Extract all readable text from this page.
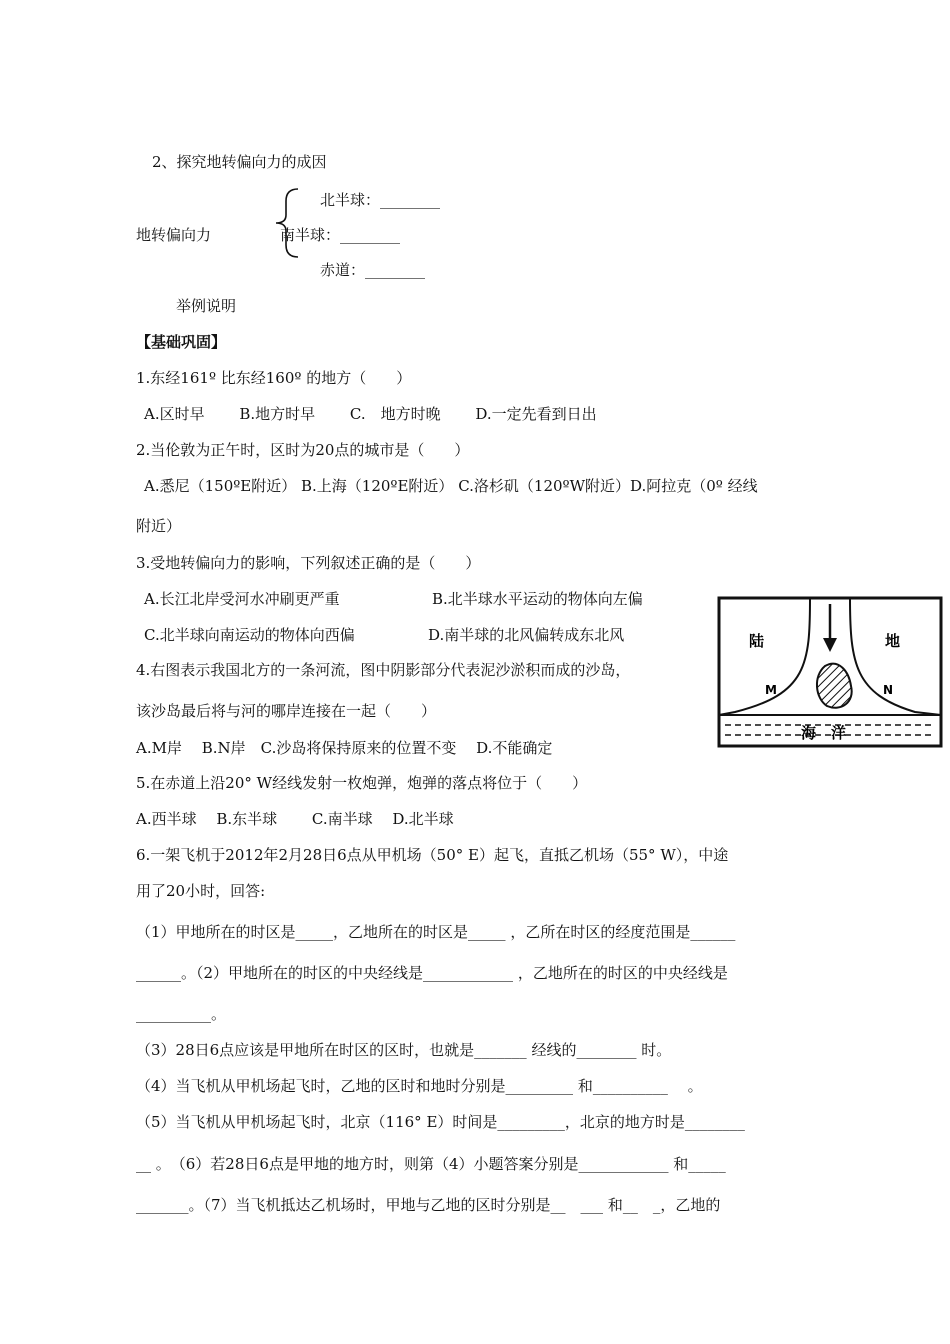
2、探究地转偏向力的成因
北半球：________
地转偏向力	南半球：________
赤道：________
举例说明
【基础巩固】
1.东经161º 比东经160º 的地方（　　）
A.区时早　　 B.地方时早　　 C.　地方时晚　　 D.一定先看到日出
2.当伦敦为正午时，区时为20点的城市是（　　）
A.悉尼（150ºE附近） B.上海（120ºE附近） C.洛杉矶（120ºW附近）D.阿拉克（0º 经线
附近）
3.受地转偏向力的影响，下列叙述正确的是（　　）
A.长江北岸受河水冲刷更严重	B.北半球水平运动的物体向左偏
C.北半球向南运动的物体向西偏	D.南半球的北风偏转成东北风
4.右图表示我国北方的一条河流，图中阴影部分代表泥沙淤积而成的沙岛，
该沙岛最后将与河的哪岸连接在一起（　　）
A.M岸　 B.N岸　C.沙岛将保持原来的位置不变　 D.不能确定
陆	地
M	N
海　洋
5.在赤道上沿20° W经线发射一枚炮弹，炮弹的落点将位于（　　）
A.西半球　 B.东半球　　 C.南半球　 D.北半球
6.一架飞机于2012年2月28日6点从甲机场（50° E）起飞，直抵乙机场（55° W），中途
用了20小时，回答:
（1）甲地所在的时区是_____，乙地所在的时区是_____ ，乙所在时区的经度范围是______
______。（2）甲地所在的时区的中央经线是____________ ，乙地所在的时区的中央经线是
__________。
（3）28日6点应该是甲地所在时区的区时，也就是_______ 经线的________ 时。
（4）当飞机从甲机场起飞时，乙地的区时和地时分别是_________ 和__________　 。
（5）当飞机从甲机场起飞时，北京（116° E）时间是_________，北京的地方时是________
__ 。　（6）若28日6点是甲地的地方时，则第（4）小题答案分别是____________ 和_____
_______。（7）当飞机抵达乙机场时，甲地与乙地的区时分别是__　___ 和__　_，乙地的
